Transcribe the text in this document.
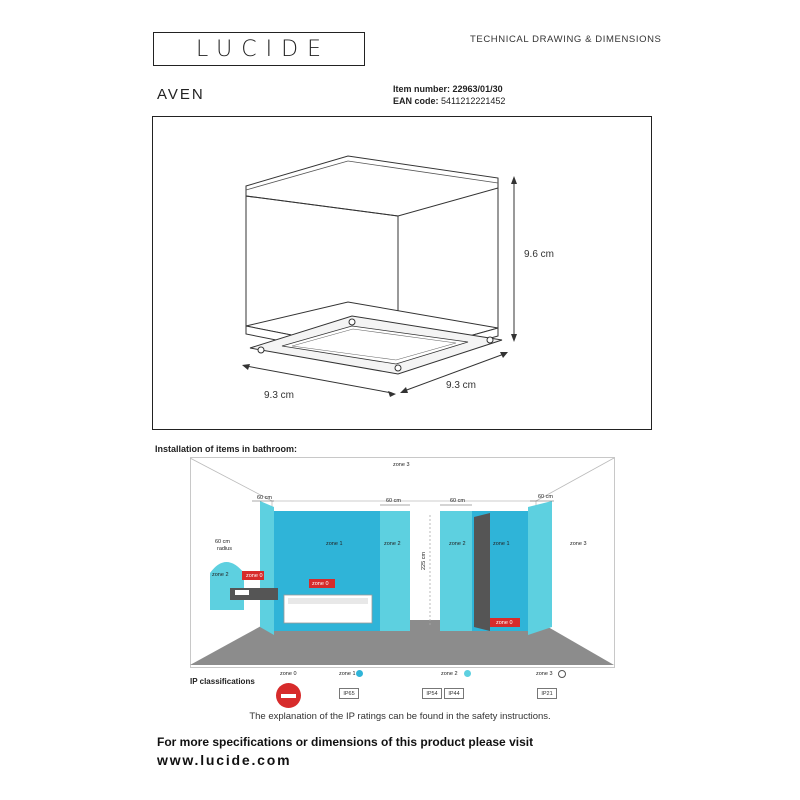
LUCIDE	TECHNICAL DRAWING & DIMENSIONS
AVEN	Item number: 22963/01/30
EAN code: 5411212221452
9.6 cm
9.3 cm
9.3 cm
Installation of items in bathroom:
zone 3
zone 3
zone 1	zone 1
zone 2	zone 2
zone 2
zone 0
zone 0
zone 0
60 cm	60 cm	60 cm
60 cm
60 cm
radius
225 cm
IP classifications
zone 0	zone 1	zone 2	zone 3
IP65	IP54	IP44	IP21
The explanation of the IP ratings can be found in the safety instructions.
For more specifications or dimensions of this product please visit
www.lucide.com
